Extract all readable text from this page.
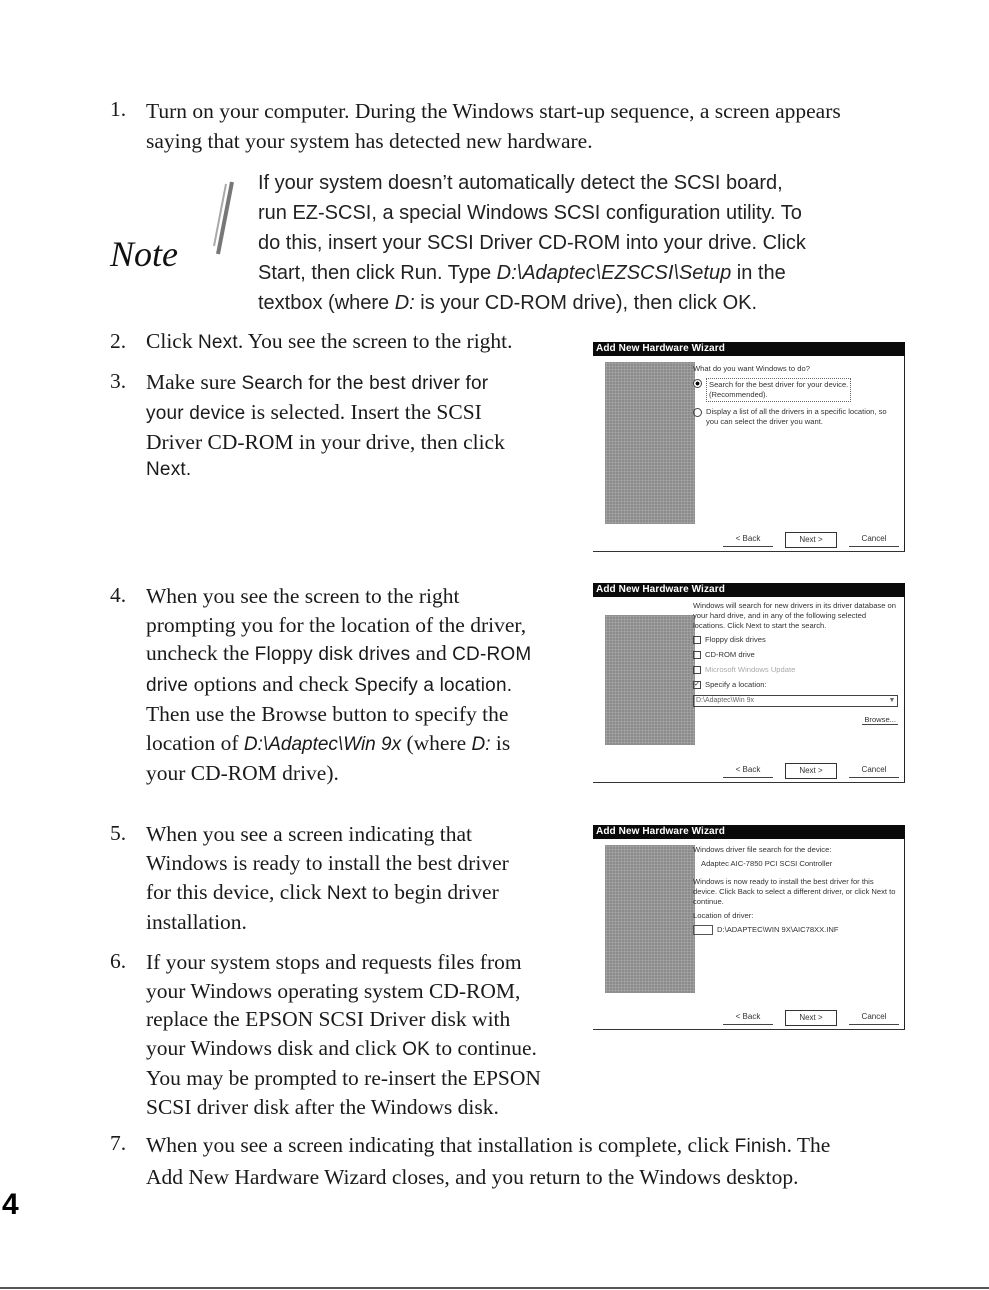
1. Turn on your computer. During the Windows start-up sequence, a screen appears
saying that your system has detected new hardware.
Note
If your system doesn’t automatically detect the SCSI board,
run EZ-SCSI, a special Windows SCSI configuration utility. To
do this, insert your SCSI Driver CD-ROM into your drive. Click
Start, then click Run. Type D:\Adaptec\EZSCSI\Setup in the
textbox (where D: is your CD-ROM drive), then click OK.
2. Click Next. You see the screen to the right.
3. Make sure Search for the best driver for
your device is selected. Insert the SCSI
Driver CD-ROM in your drive, then click
Next.
4. When you see the screen to the right
prompting you for the location of the driver,
uncheck the Floppy disk drives and CD-ROM
drive options and check Specify a location.
Then use the Browse button to specify the
location of D:\Adaptec\Win 9x (where D: is
your CD-ROM drive).
5. When you see a screen indicating that
Windows is ready to install the best driver
for this device, click Next to begin driver
installation.
6. If your system stops and requests files from
your Windows operating system CD-ROM,
replace the EPSON SCSI Driver disk with
your Windows disk and click OK to continue.
You may be prompted to re-insert the EPSON
SCSI driver disk after the Windows disk.
7. When you see a screen indicating that installation is complete, click Finish. The
Add New Hardware Wizard closes, and you return to the Windows desktop.
Add New Hardware Wizard

What do you want Windows to do?

Search for the best driver for your device.
(Recommended).
Display a list of all the drivers in a specific location, so you can select the driver you want.
< Back	Next >	Cancel
Add New Hardware Wizard

Windows will search for new drivers in its driver database on your hard drive, and in any of the following selected locations. Click Next to start the search.

Floppy disk drives
CD-ROM drive
Microsoft Windows Update
✓ Specify a location:
D:\Adaptec\Win 9x	▼
Browse...
< Back	Next >	Cancel
Add New Hardware Wizard

Windows driver file search for the device:

Adaptec AIC-7850 PCI SCSI Controller

Windows is now ready to install the best driver for this device. Click Back to select a different driver, or click Next to continue.

Location of driver:

D:\ADAPTEC\WIN 9X\AIC78XX.INF
< Back	Next >	Cancel
4
